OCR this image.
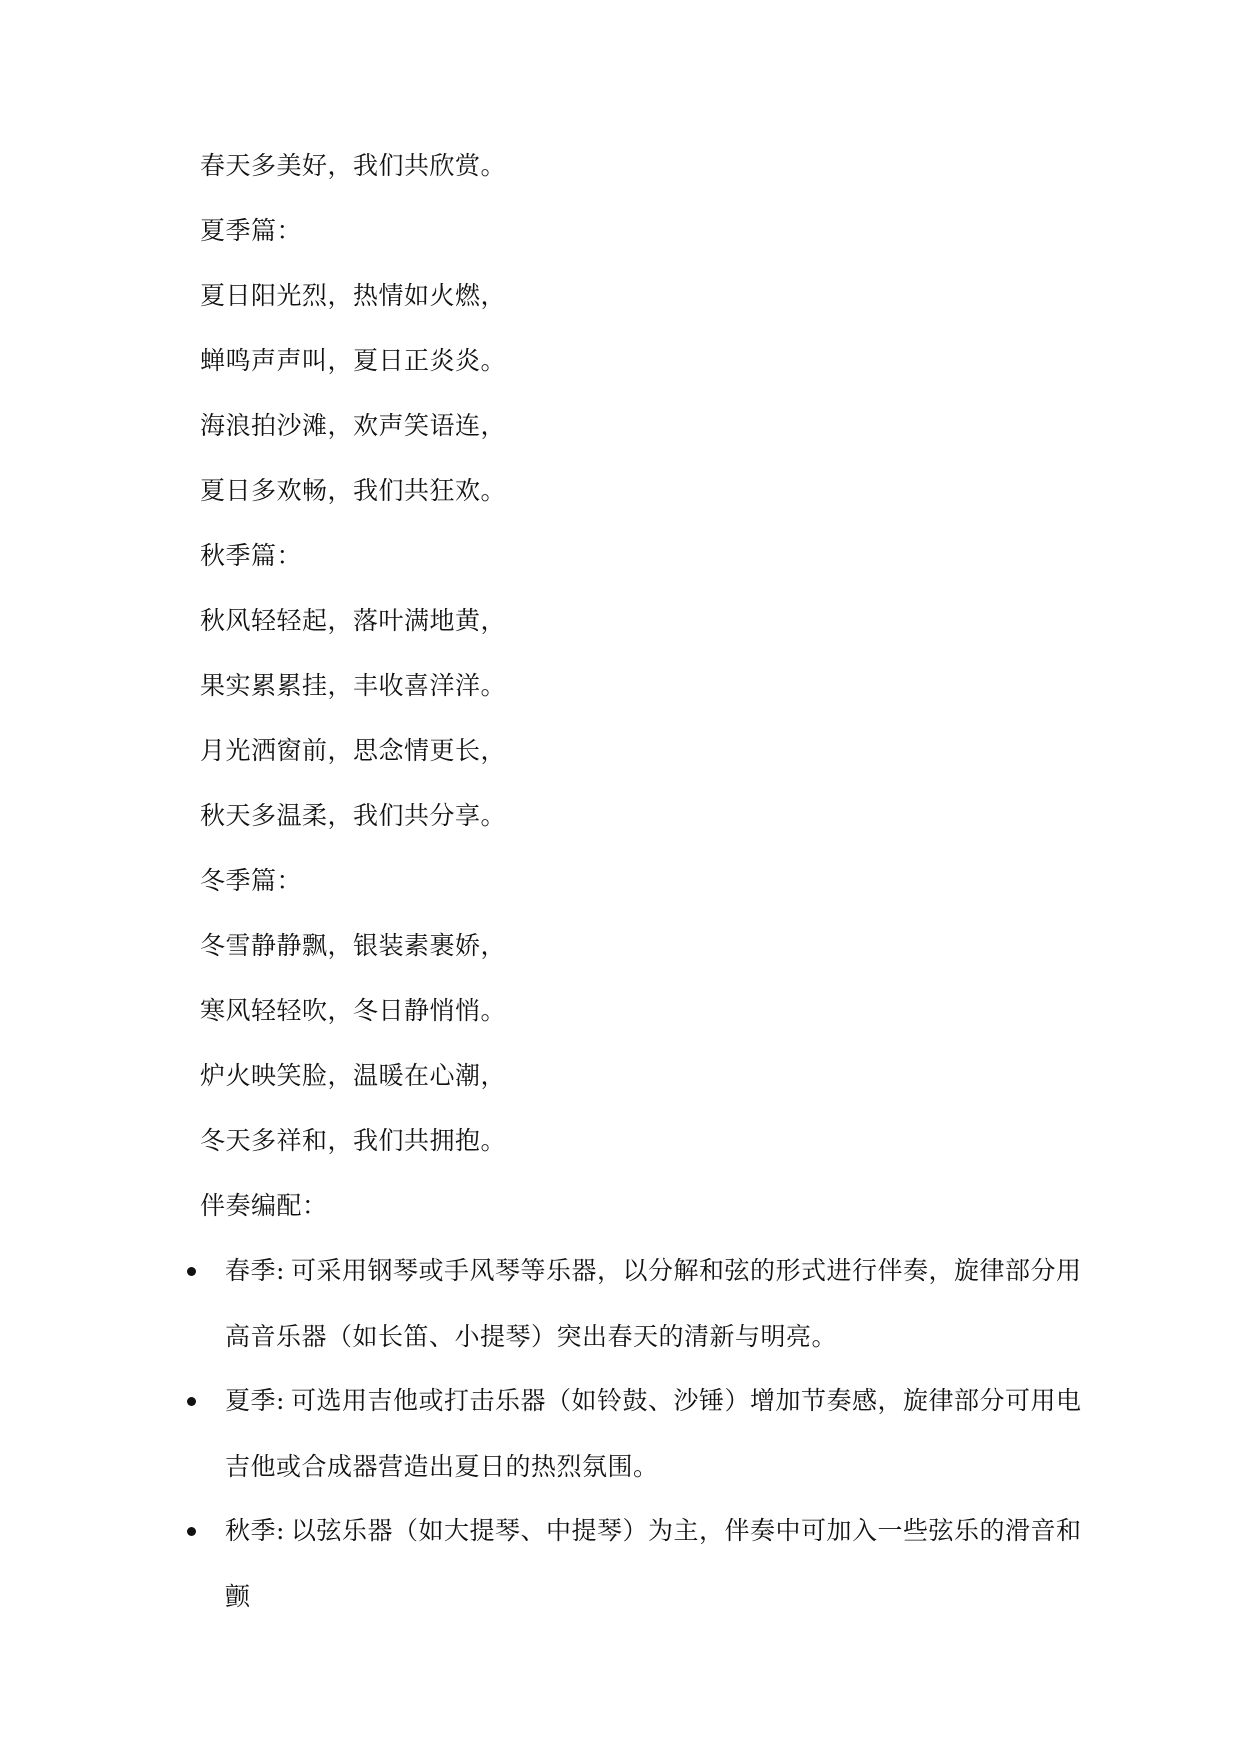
春天多美好，我们共欣赏。
夏季篇：
夏日阳光烈，热情如火燃，
蝉鸣声声叫，夏日正炎炎。
海浪拍沙滩，欢声笑语连，
夏日多欢畅，我们共狂欢。
秋季篇：
秋风轻轻起，落叶满地黄，
果实累累挂，丰收喜洋洋。
月光洒窗前，思念情更长，
秋天多温柔，我们共分享。
冬季篇：
冬雪静静飘，银装素裹娇，
寒风轻轻吹，冬日静悄悄。
炉火映笑脸，温暖在心潮，
冬天多祥和，我们共拥抱。
伴奏编配：
春季: 可采用钢琴或手风琴等乐器，以分解和弦的形式进行伴奏，旋律部分用高音乐器（如长笛、小提琴）突出春天的清新与明亮。
夏季: 可选用吉他或打击乐器（如铃鼓、沙锤）增加节奏感，旋律部分可用电吉他或合成器营造出夏日的热烈氛围。
秋季: 以弦乐器（如大提琴、中提琴）为主，伴奏中可加入一些弦乐的滑音和颤
